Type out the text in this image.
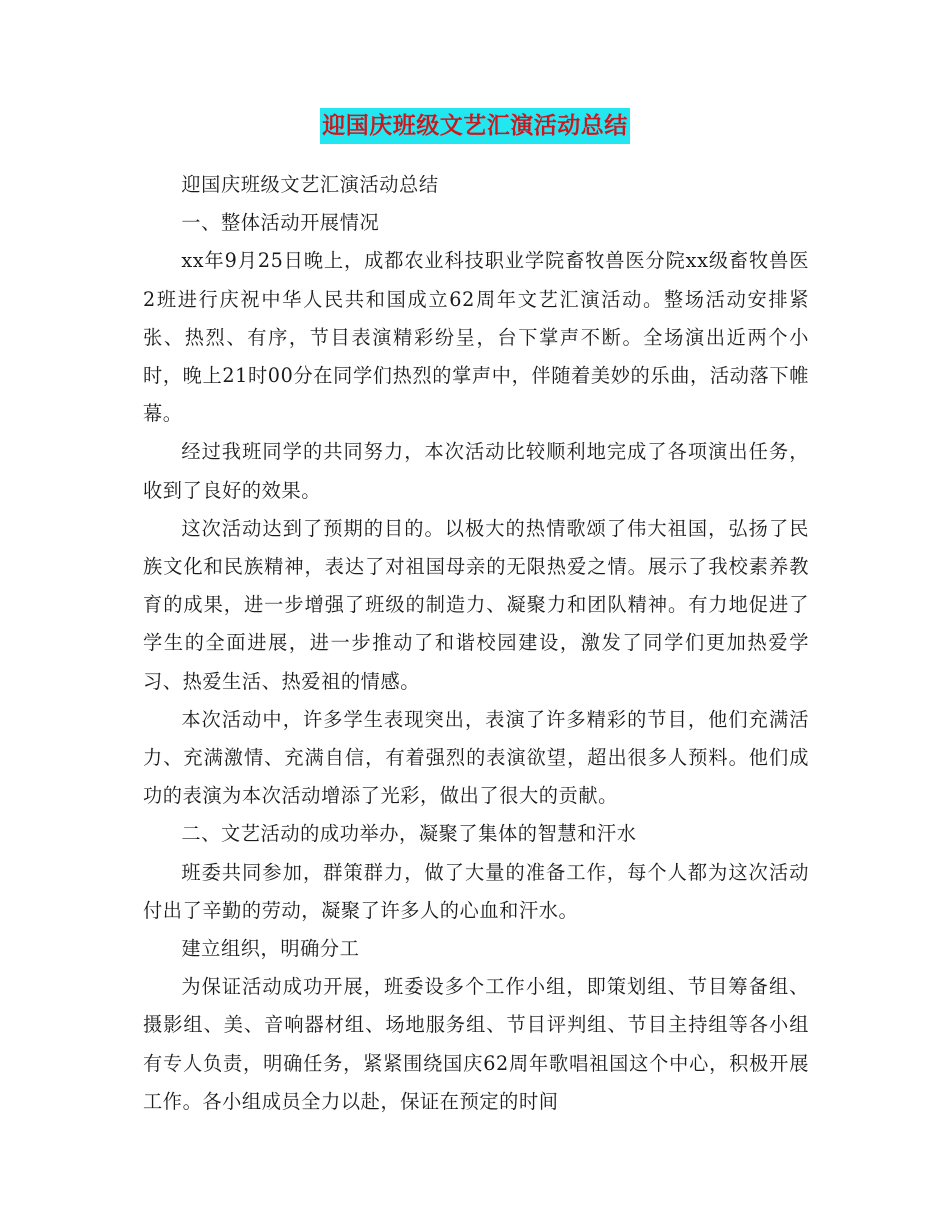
迎国庆班级文艺汇演活动总结

迎国庆班级文艺汇演活动总结

一、整体活动开展情况

xx年9月25日晚上，成都农业科技职业学院畜牧兽医分院xx级畜牧兽医2班进行庆祝中华人民共和国成立62周年文艺汇演活动。整场活动安排紧张、热烈、有序，节目表演精彩纷呈，台下掌声不断。全场演出近两个小时，晚上21时00分在同学们热烈的掌声中，伴随着美妙的乐曲，活动落下帷幕。

经过我班同学的共同努力，本次活动比较顺利地完成了各项演出任务，收到了良好的效果。

这次活动达到了预期的目的。以极大的热情歌颂了伟大祖国，弘扬了民族文化和民族精神，表达了对祖国母亲的无限热爱之情。展示了我校素养教育的成果，进一步增强了班级的制造力、凝聚力和团队精神。有力地促进了学生的全面进展，进一步推动了和谐校园建设，激发了同学们更加热爱学习、热爱生活、热爱祖的情感。

本次活动中，许多学生表现突出，表演了许多精彩的节目，他们充满活力、充满激情、充满自信，有着强烈的表演欲望，超出很多人预料。他们成功的表演为本次活动增添了光彩，做出了很大的贡献。

二、文艺活动的成功举办，凝聚了集体的智慧和汗水

班委共同参加，群策群力，做了大量的准备工作，每个人都为这次活动付出了辛勤的劳动，凝聚了许多人的心血和汗水。

建立组织，明确分工

为保证活动成功开展，班委设多个工作小组，即策划组、节目筹备组、摄影组、美、音响器材组、场地服务组、节目评判组、节目主持组等各小组有专人负责，明确任务，紧紧围绕国庆62周年歌唱祖国这个中心，积极开展工作。各小组成员全力以赴，保证在预定的时间
